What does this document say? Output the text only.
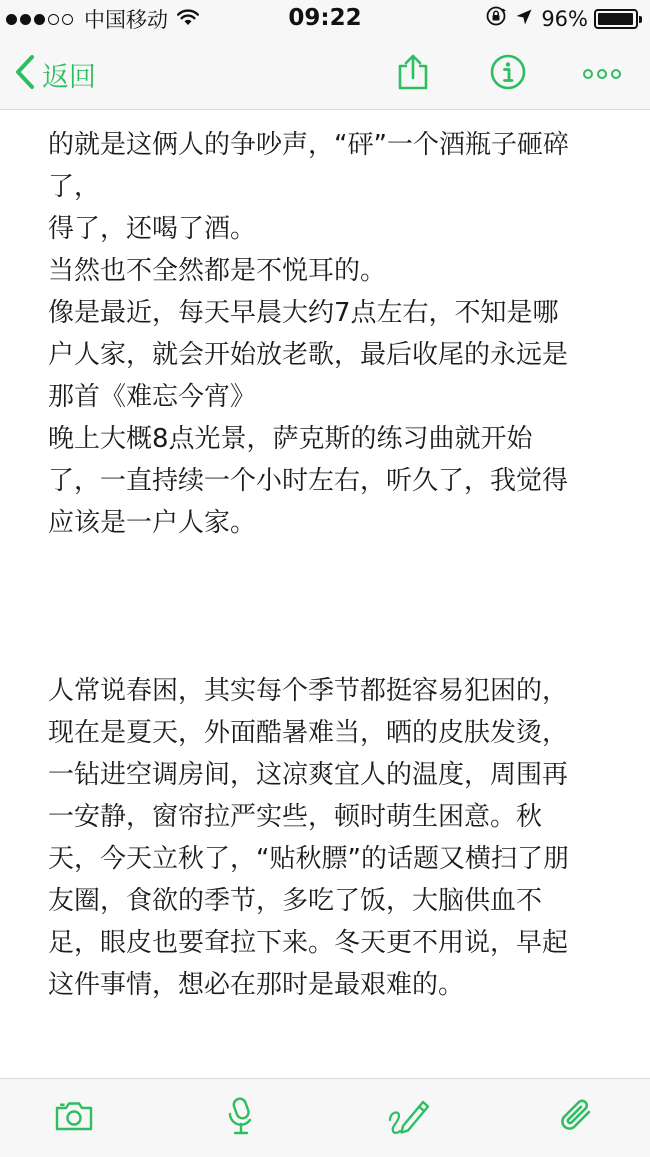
中国移动	09:22	96%
返回
的就是这俩人的争吵声，“砰”一个酒瓶子砸碎
了，
得了，还喝了酒。
当然也不全然都是不悦耳的。
像是最近，每天早晨大约7点左右，不知是哪
户人家，就会开始放老歌，最后收尾的永远是
那首《难忘今宵》
晚上大概8点光景，萨克斯的练习曲就开始
了，一直持续一个小时左右，听久了，我觉得
应该是一户人家。
人常说春困，其实每个季节都挺容易犯困的，
现在是夏天，外面酷暑难当，晒的皮肤发烫，
一钻进空调房间，这凉爽宜人的温度，周围再
一安静，窗帘拉严实些，顿时萌生困意。秋
天，今天立秋了，“贴秋膘”的话题又横扫了朋
友圈，食欲的季节，多吃了饭，大脑供血不
足，眼皮也要耷拉下来。冬天更不用说，早起
这件事情，想必在那时是最艰难的。
